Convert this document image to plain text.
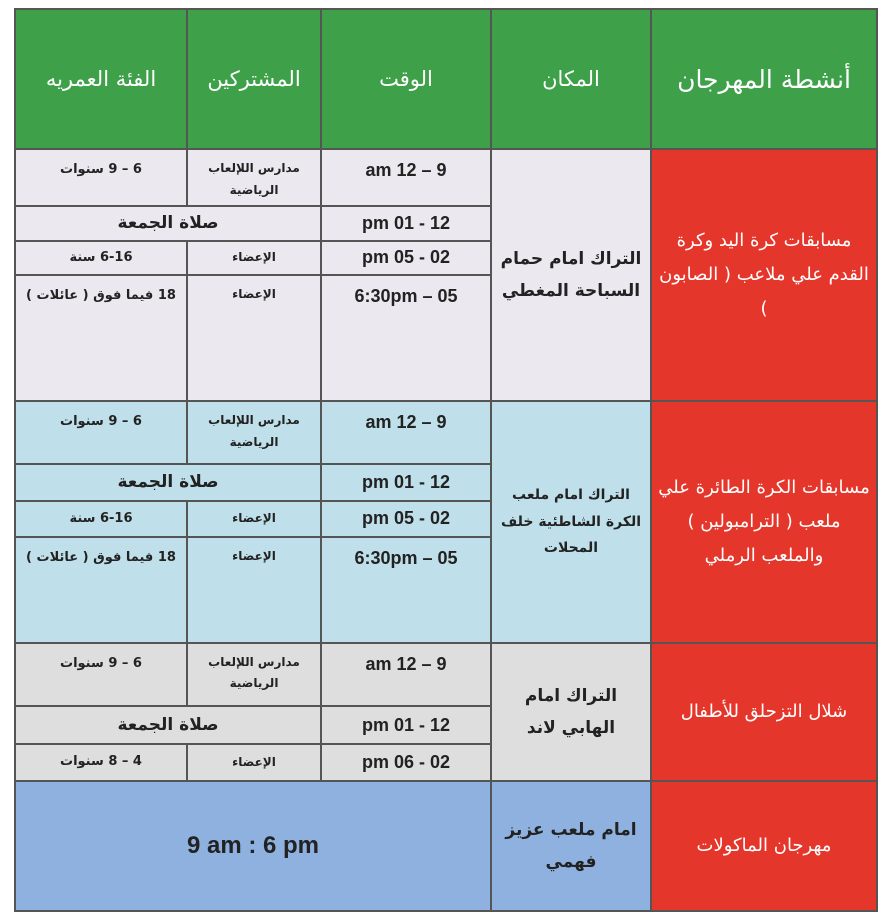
أنشطة المهرجان	المكان	الوقت	المشتركين	الفئة العمريه
مسابقات كرة اليد وكرة القدم علي ملاعب ( الصابون )	التراك امام حمام السباحة المغطي	9 – 12 am	مدارس اللإلعاب الرياضية	6 – 9 سنوات
		12 - 01 pm	صلاة الجمعة	
		02 - 05 pm	الإعضاء	6-16 سنة
		05 – 6:30pm	الإعضاء	18 فيما فوق ( عائلات )
مسابقات الكرة الطائرة علي ملعب ( الترامبولين ) والملعب الرملي	التراك امام ملعب الكرة الشاطئية خلف المحلات	9 – 12 am	مدارس اللإلعاب الرياضية	6 – 9 سنوات
		12 - 01 pm	صلاة الجمعة	
		02 - 05 pm	الإعضاء	6-16 سنة
		05 – 6:30pm	الإعضاء	18 فيما فوق ( عائلات )
شلال التزحلق للأطفال	التراك امام الهابي لاند	9 – 12 am	مدارس اللإلعاب الرياضية	6 – 9 سنوات
		12 - 01 pm	صلاة الجمعة	
		02 - 06 pm	الإعضاء	4 – 8 سنوات
مهرجان الماكولات	امام ملعب عزيز فهمي	9 am : 6 pm		
